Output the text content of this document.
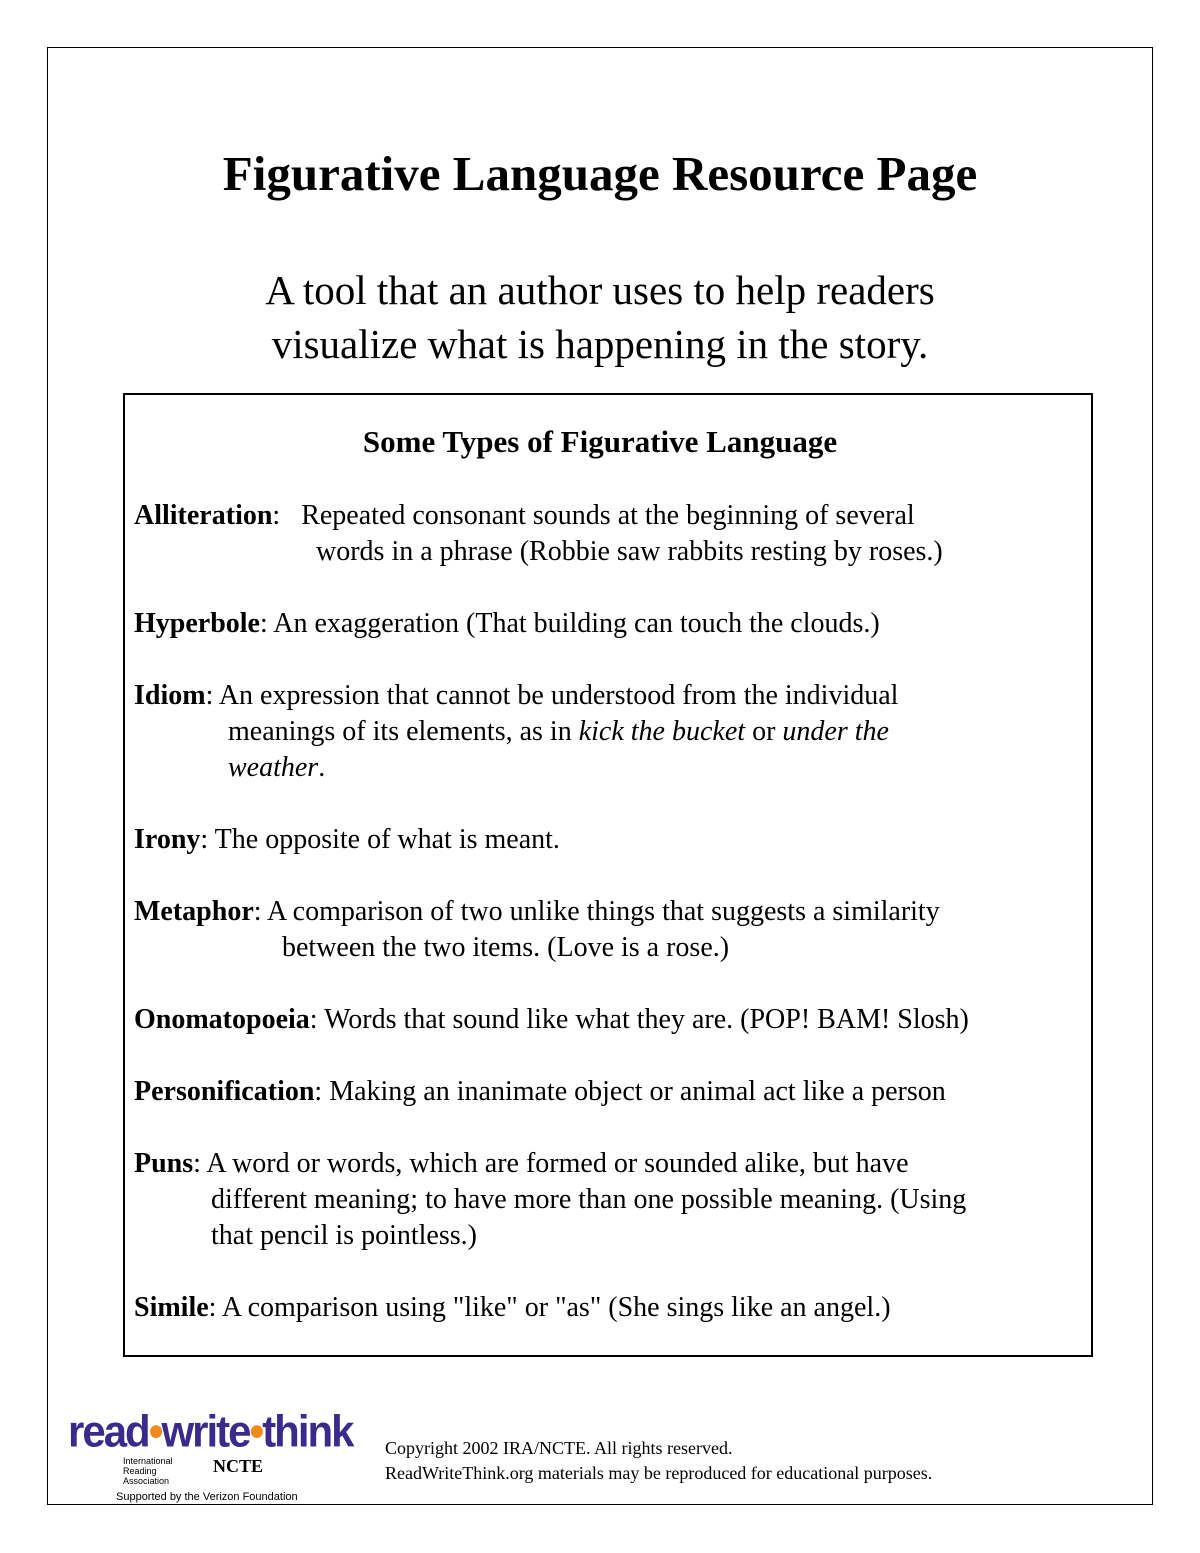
Figurative Language Resource Page
A tool that an author uses to help readers
visualize what is happening in the story.
Some Types of Figurative Language
Alliteration:   Repeated consonant sounds at the beginning of several
words in a phrase (Robbie saw rabbits resting by roses.)
Hyperbole: An exaggeration (That building can touch the clouds.)
Idiom: An expression that cannot be understood from the individual
meanings of its elements, as in kick the bucket or under the
weather.
Irony: The opposite of what is meant.
Metaphor: A comparison of two unlike things that suggests a similarity
between the two items. (Love is a rose.)
Onomatopoeia: Words that sound like what they are. (POP! BAM! Slosh)
Personification: Making an inanimate object or animal act like a person
Puns: A word or words, which are formed or sounded alike, but have
different meaning; to have more than one possible meaning. (Using
that pencil is pointless.)
Simile: A comparison using "like" or "as" (She sings like an angel.)
read•write•think
International Reading AssociationNCTE
Supported by the Verizon Foundation
Copyright 2002 IRA/NCTE. All rights reserved.
ReadWriteThink.org materials may be reproduced for educational purposes.
